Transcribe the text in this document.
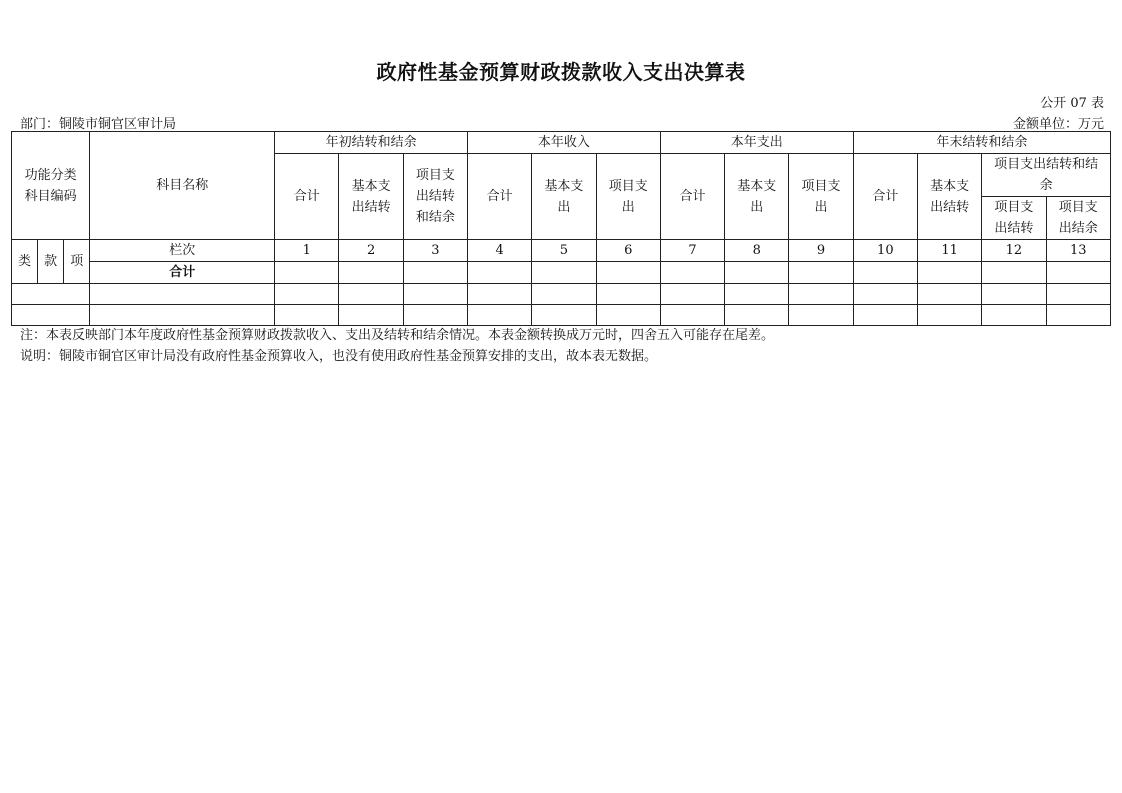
政府性基金预算财政拨款收入支出决算表
公开 07 表
部门：铜陵市铜官区审计局	金额单位：万元
功能分类
科目编码			科目名称	年初结转和结余			本年收入			本年支出			年末结转和结余			
				合计	基本支出结转	项目支出结转和结余	合计	基本支出	项目支出	合计	基本支出	项目支出	合计	基本支出结转	项目支出结转和结余	

															项目支出结转	项目支出结余

类	款	项	栏次	1	2	3	4	5	6	7	8	9	10	11	12	13
			合计													

注：本表反映部门本年度政府性基金预算财政拨款收入、支出及结转和结余情况。本表金额转换成万元时，四舍五入可能存在尾差。
说明：铜陵市铜官区审计局没有政府性基金预算收入，也没有使用政府性基金预算安排的支出，故本表无数据。
